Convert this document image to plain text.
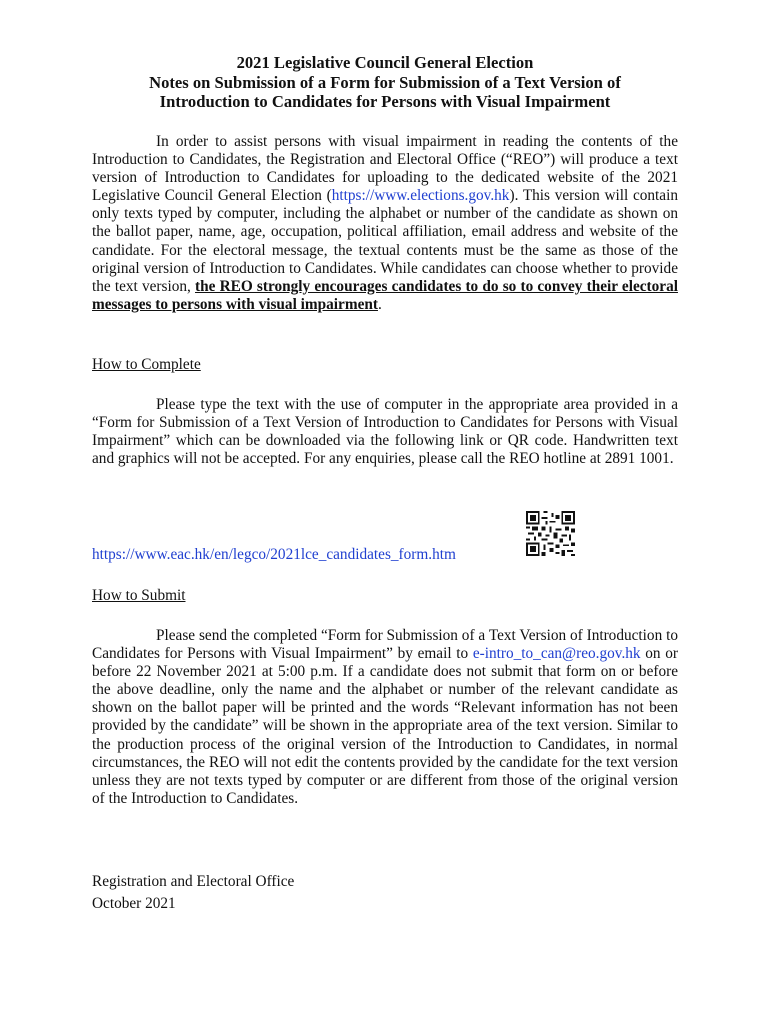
2021 Legislative Council General Election
Notes on Submission of a Form for Submission of a Text Version of
Introduction to Candidates for Persons with Visual Impairment
In order to assist persons with visual impairment in reading the contents of the Introduction to Candidates, the Registration and Electoral Office (“REO”) will produce a text version of Introduction to Candidates for uploading to the dedicated website of the 2021 Legislative Council General Election (https://www.elections.gov.hk). This version will contain only texts typed by computer, including the alphabet or number of the candidate as shown on the ballot paper, name, age, occupation, political affiliation, email address and website of the candidate. For the electoral message, the textual contents must be the same as those of the original version of Introduction to Candidates. While candidates can choose whether to provide the text version, the REO strongly encourages candidates to do so to convey their electoral messages to persons with visual impairment.
How to Complete
Please type the text with the use of computer in the appropriate area provided in a “Form for Submission of a Text Version of Introduction to Candidates for Persons with Visual Impairment” which can be downloaded via the following link or QR code. Handwritten text and graphics will not be accepted. For any enquiries, please call the REO hotline at 2891 1001.
https://www.eac.hk/en/legco/2021lce_candidates_form.htm
How to Submit
Please send the completed “Form for Submission of a Text Version of Introduction to Candidates for Persons with Visual Impairment” by email to e-intro_to_can@reo.gov.hk on or before 22 November 2021 at 5:00 p.m. If a candidate does not submit that form on or before the above deadline, only the name and the alphabet or number of the relevant candidate as shown on the ballot paper will be printed and the words “Relevant information has not been provided by the candidate” will be shown in the appropriate area of the text version. Similar to the production process of the original version of the Introduction to Candidates, in normal circumstances, the REO will not edit the contents provided by the candidate for the text version unless they are not texts typed by computer or are different from those of the original version of the Introduction to Candidates.
Registration and Electoral Office
October 2021
